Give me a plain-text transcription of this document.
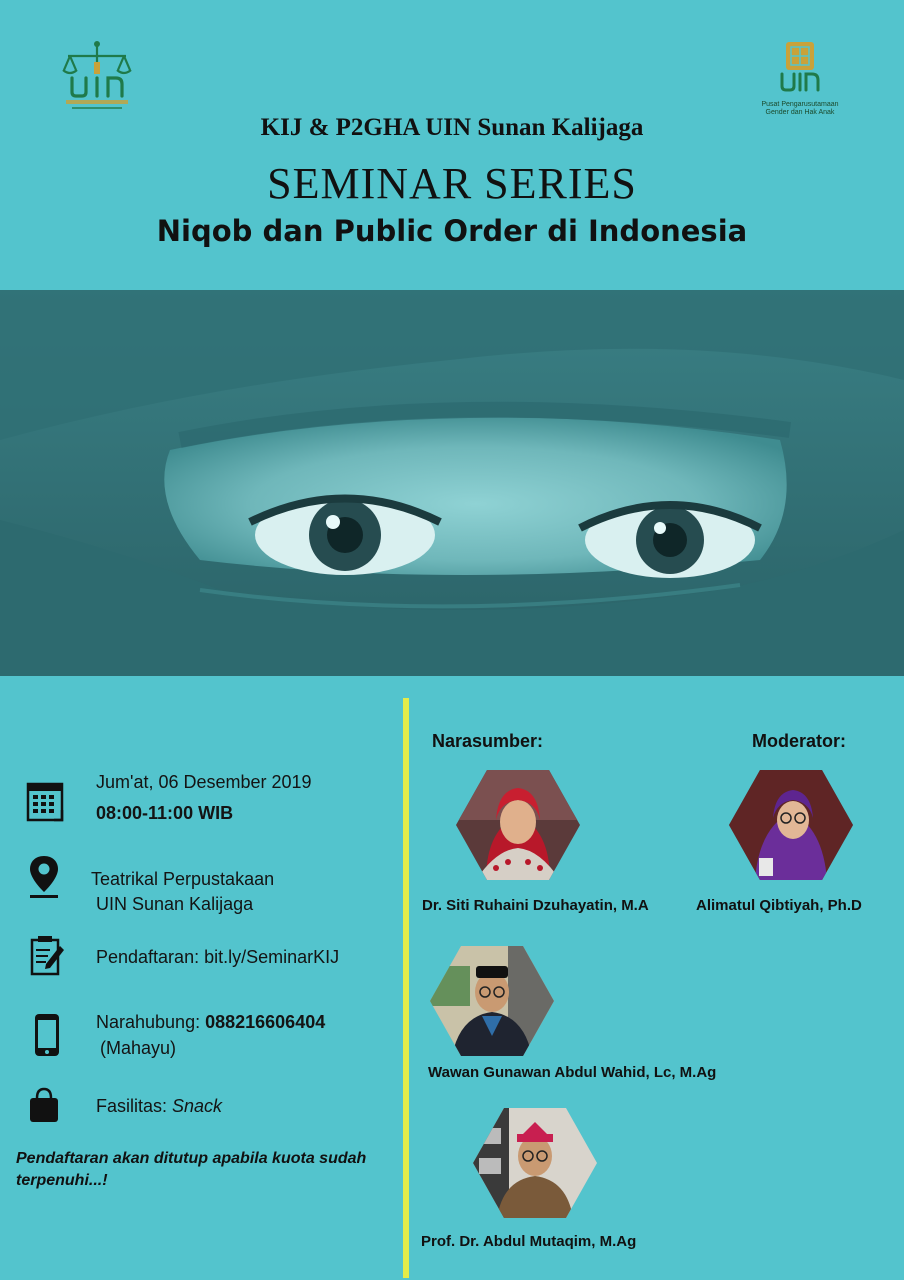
Pusat Pengarusutamaan Gender dan Hak Anak
KIJ & P2GHA UIN Sunan Kalijaga
SEMINAR SERIES
Niqob dan Public Order di Indonesia
Jum'at, 06 Desember 2019
08:00-11:00 WIB
Teatrikal Perpustakaan
UIN Sunan Kalijaga
Pendaftaran: bit.ly/SeminarKIJ
Narahubung: 088216606404
(Mahayu)
Fasilitas: Snack
Pendaftaran akan ditutup apabila kuota sudah terpenuhi...!
Narasumber:	Moderator:
Dr. Siti Ruhaini Dzuhayatin, M.A	Alimatul Qibtiyah, Ph.D
Wawan Gunawan Abdul Wahid, Lc, M.Ag
Prof. Dr. Abdul Mutaqim, M.Ag
